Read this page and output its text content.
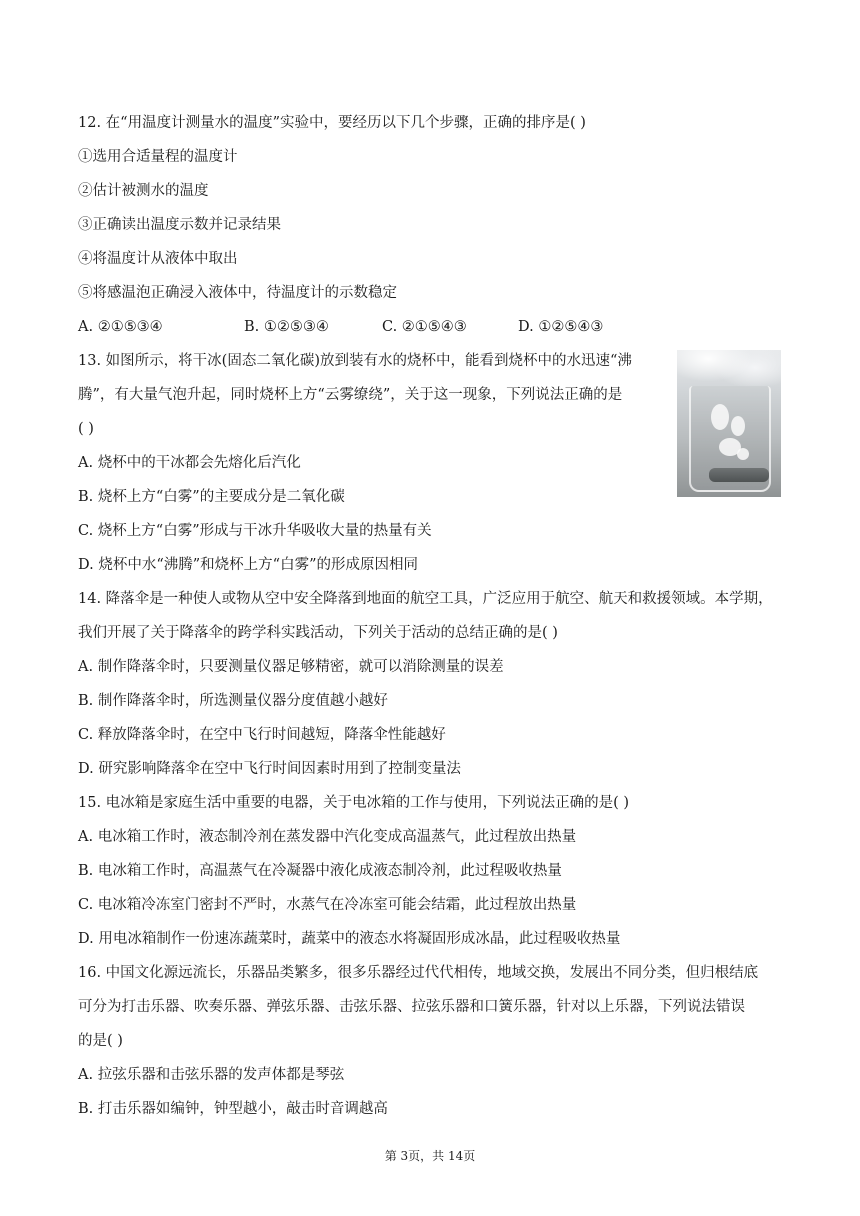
12. 在“用温度计测量水的温度”实验中，要经历以下几个步骤，正确的排序是( )
①选用合适量程的温度计
②估计被测水的温度
③正确读出温度示数并记录结果
④将温度计从液体中取出
⑤将感温泡正确浸入液体中，待温度计的示数稳定
A. ②①⑤③④	B. ①②⑤③④	C. ②①⑤④③	D. ①②⑤④③
13. 如图所示，将干冰(固态二氧化碳)放到装有水的烧杯中，能看到烧杯中的水迅速“沸
腾”，有大量气泡升起，同时烧杯上方“云雾缭绕”，关于这一现象，下列说法正确的是
( )
A. 烧杯中的干冰都会先熔化后汽化
B. 烧杯上方“白雾”的主要成分是二氧化碳
C. 烧杯上方“白雾”形成与干冰升华吸收大量的热量有关
D. 烧杯中水“沸腾”和烧杯上方“白雾”的形成原因相同
14. 降落伞是一种使人或物从空中安全降落到地面的航空工具，广泛应用于航空、航天和救援领域。本学期，
我们开展了关于降落伞的跨学科实践活动，下列关于活动的总结正确的是( )
A. 制作降落伞时，只要测量仪器足够精密，就可以消除测量的误差
B. 制作降落伞时，所选测量仪器分度值越小越好
C. 释放降落伞时，在空中飞行时间越短，降落伞性能越好
D. 研究影响降落伞在空中飞行时间因素时用到了控制变量法
15. 电冰箱是家庭生活中重要的电器，关于电冰箱的工作与使用，下列说法正确的是( )
A. 电冰箱工作时，液态制冷剂在蒸发器中汽化变成高温蒸气，此过程放出热量
B. 电冰箱工作时，高温蒸气在冷凝器中液化成液态制冷剂，此过程吸收热量
C. 电冰箱冷冻室门密封不严时，水蒸气在冷冻室可能会结霜，此过程放出热量
D. 用电冰箱制作一份速冻蔬菜时，蔬菜中的液态水将凝固形成冰晶，此过程吸收热量
16. 中国文化源远流长，乐器品类繁多，很多乐器经过代代相传，地域交换，发展出不同分类，但归根结底
可分为打击乐器、吹奏乐器、弹弦乐器、击弦乐器、拉弦乐器和口簧乐器，针对以上乐器，下列说法错误
的是( )
A. 拉弦乐器和击弦乐器的发声体都是琴弦
B. 打击乐器如编钟，钟型越小，敲击时音调越高
第 3页，共 14页
